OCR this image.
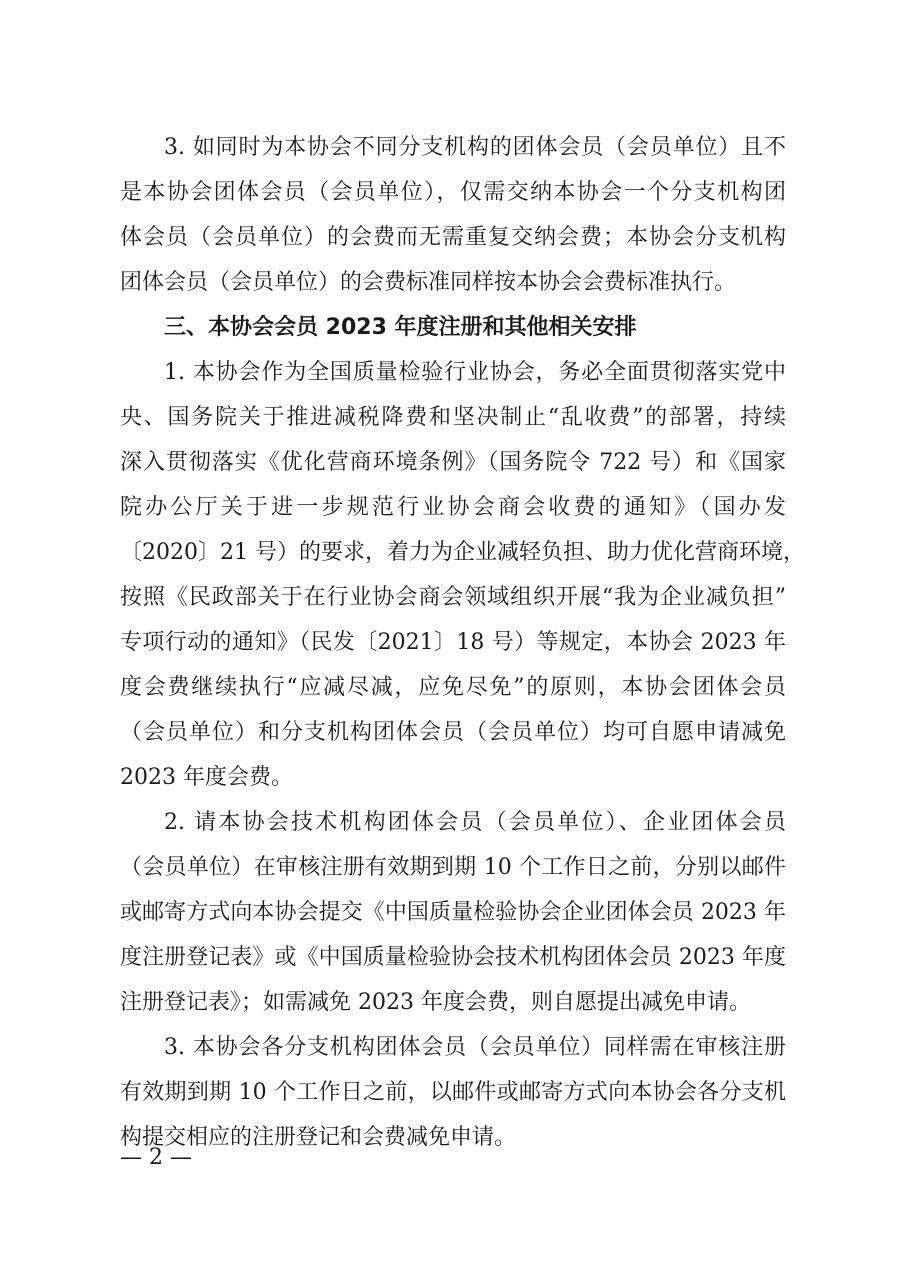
3. 如同时为本协会不同分支机构的团体会员（会员单位）且不
是本协会团体会员（会员单位），仅需交纳本协会一个分支机构团
体会员（会员单位）的会费而无需重复交纳会费；本协会分支机构
团体会员（会员单位）的会费标准同样按本协会会费标准执行。
三、本协会会员 2023 年度注册和其他相关安排
1. 本协会作为全国质量检验行业协会，务必全面贯彻落实党中
央、国务院关于推进减税降费和坚决制止“乱收费”的部署，持续
深入贯彻落实《优化营商环境条例》（国务院令 722 号）和《国家
院办公厅关于进一步规范行业协会商会收费的通知》（国办发
〔2020〕21 号）的要求，着力为企业减轻负担、助力优化营商环境，
按照《民政部关于在行业协会商会领域组织开展“我为企业减负担”
专项行动的通知》（民发〔2021〕18 号）等规定，本协会 2023 年
度会费继续执行“应减尽减，应免尽免”的原则，本协会团体会员
（会员单位）和分支机构团体会员（会员单位）均可自愿申请减免
2023 年度会费。
2. 请本协会技术机构团体会员（会员单位）、企业团体会员
（会员单位）在审核注册有效期到期 10 个工作日之前，分别以邮件
或邮寄方式向本协会提交《中国质量检验协会企业团体会员 2023 年
度注册登记表》或《中国质量检验协会技术机构团体会员 2023 年度
注册登记表》；如需减免 2023 年度会费，则自愿提出减免申请。
3. 本协会各分支机构团体会员（会员单位）同样需在审核注册
有效期到期 10 个工作日之前，以邮件或邮寄方式向本协会各分支机
构提交相应的注册登记和会费减免申请。
— 2 —
